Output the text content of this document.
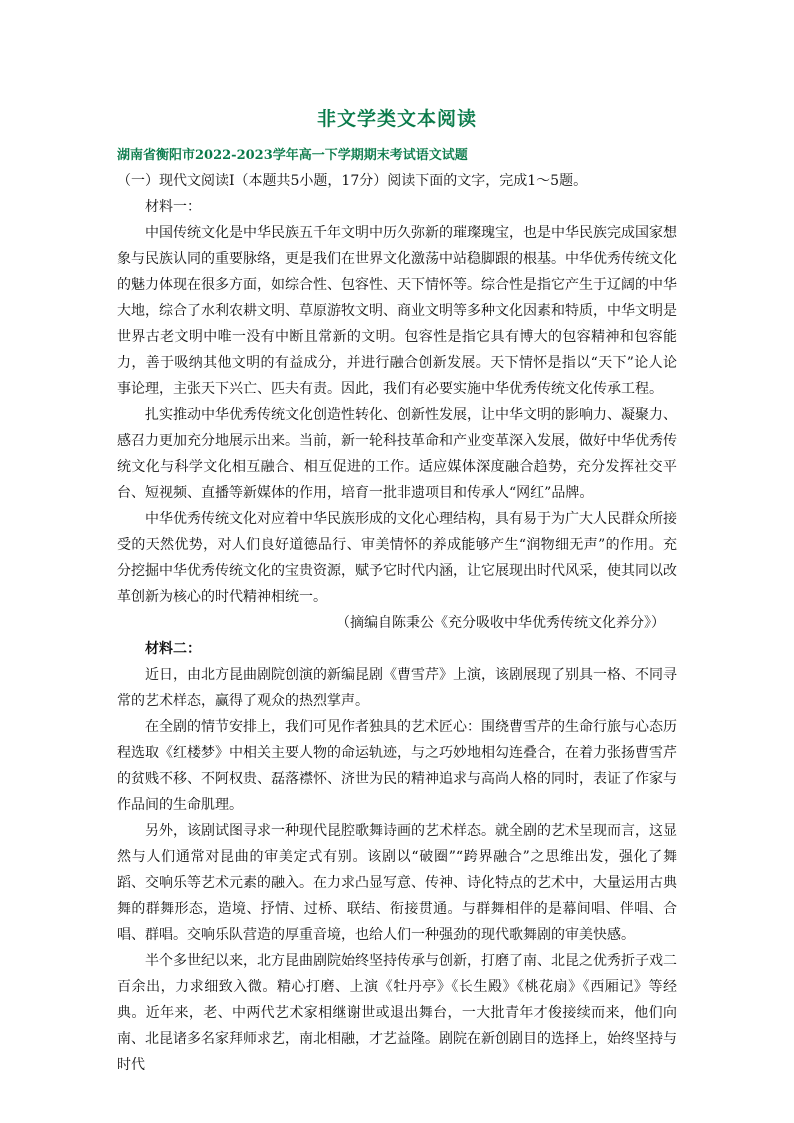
非文学类文本阅读
湖南省衡阳市2022-2023学年高一下学期期末考试语文试题

（一）现代文阅读Ⅰ（本题共5小题，17分）阅读下面的文字，完成1～5题。

材料一：

中国传统文化是中华民族五千年文明中历久弥新的璀璨瑰宝，也是中华民族完成国家想象与民族认同的重要脉络，更是我们在世界文化激荡中站稳脚跟的根基。中华优秀传统文化的魅力体现在很多方面，如综合性、包容性、天下情怀等。综合性是指它产生于辽阔的中华大地，综合了水利农耕文明、草原游牧文明、商业文明等多种文化因素和特质，中华文明是世界古老文明中唯一没有中断且常新的文明。包容性是指它具有博大的包容精神和包容能力，善于吸纳其他文明的有益成分，并进行融合创新发展。天下情怀是指以“天下”论人论事论理，主张天下兴亡、匹夫有责。因此，我们有必要实施中华优秀传统文化传承工程。

扎实推动中华优秀传统文化创造性转化、创新性发展，让中华文明的影响力、凝聚力、感召力更加充分地展示出来。当前，新一轮科技革命和产业变革深入发展，做好中华优秀传统文化与科学文化相互融合、相互促进的工作。适应媒体深度融合趋势，充分发挥社交平台、短视频、直播等新媒体的作用，培育一批非遗项目和传承人“网红”品牌。

中华优秀传统文化对应着中华民族形成的文化心理结构，具有易于为广大人民群众所接受的天然优势，对人们良好道德品行、审美情怀的养成能够产生“润物细无声”的作用。充分挖掘中华优秀传统文化的宝贵资源，赋予它时代内涵，让它展现出时代风采，使其同以改革创新为核心的时代精神相统一。

（摘编自陈秉公《充分吸收中华优秀传统文化养分》）

材料二：

近日，由北方昆曲剧院创演的新编昆剧《曹雪芹》上演，该剧展现了别具一格、不同寻常的艺术样态，赢得了观众的热烈掌声。

在全剧的情节安排上，我们可见作者独具的艺术匠心：围绕曹雪芹的生命行旅与心态历程选取《红楼梦》中相关主要人物的命运轨迹，与之巧妙地相勾连叠合，在着力张扬曹雪芹的贫贱不移、不阿权贵、磊落襟怀、济世为民的精神追求与高尚人格的同时，表证了作家与作品间的生命肌理。

另外，该剧试图寻求一种现代昆腔歌舞诗画的艺术样态。就全剧的艺术呈现而言，这显然与人们通常对昆曲的审美定式有别。该剧以“破圈”“跨界融合”之思维出发，强化了舞蹈、交响乐等艺术元素的融入。在力求凸显写意、传神、诗化特点的艺术中，大量运用古典舞的群舞形态，造境、抒情、过桥、联结、衔接贯通。与群舞相伴的是幕间唱、伴唱、合唱、群唱。交响乐队营造的厚重音境，也给人们一种强劲的现代歌舞剧的审美快感。

半个多世纪以来，北方昆曲剧院始终坚持传承与创新，打磨了南、北昆之优秀折子戏二百余出，力求细致入微。精心打磨、上演《牡丹亭》《长生殿》《桃花扇》《西厢记》等经典。近年来，老、中两代艺术家相继谢世或退出舞台，一大批青年才俊接续而来，他们向南、北昆诸多名家拜师求艺，南北相融，才艺益隆。剧院在新创剧目的选择上，始终坚持与时代
